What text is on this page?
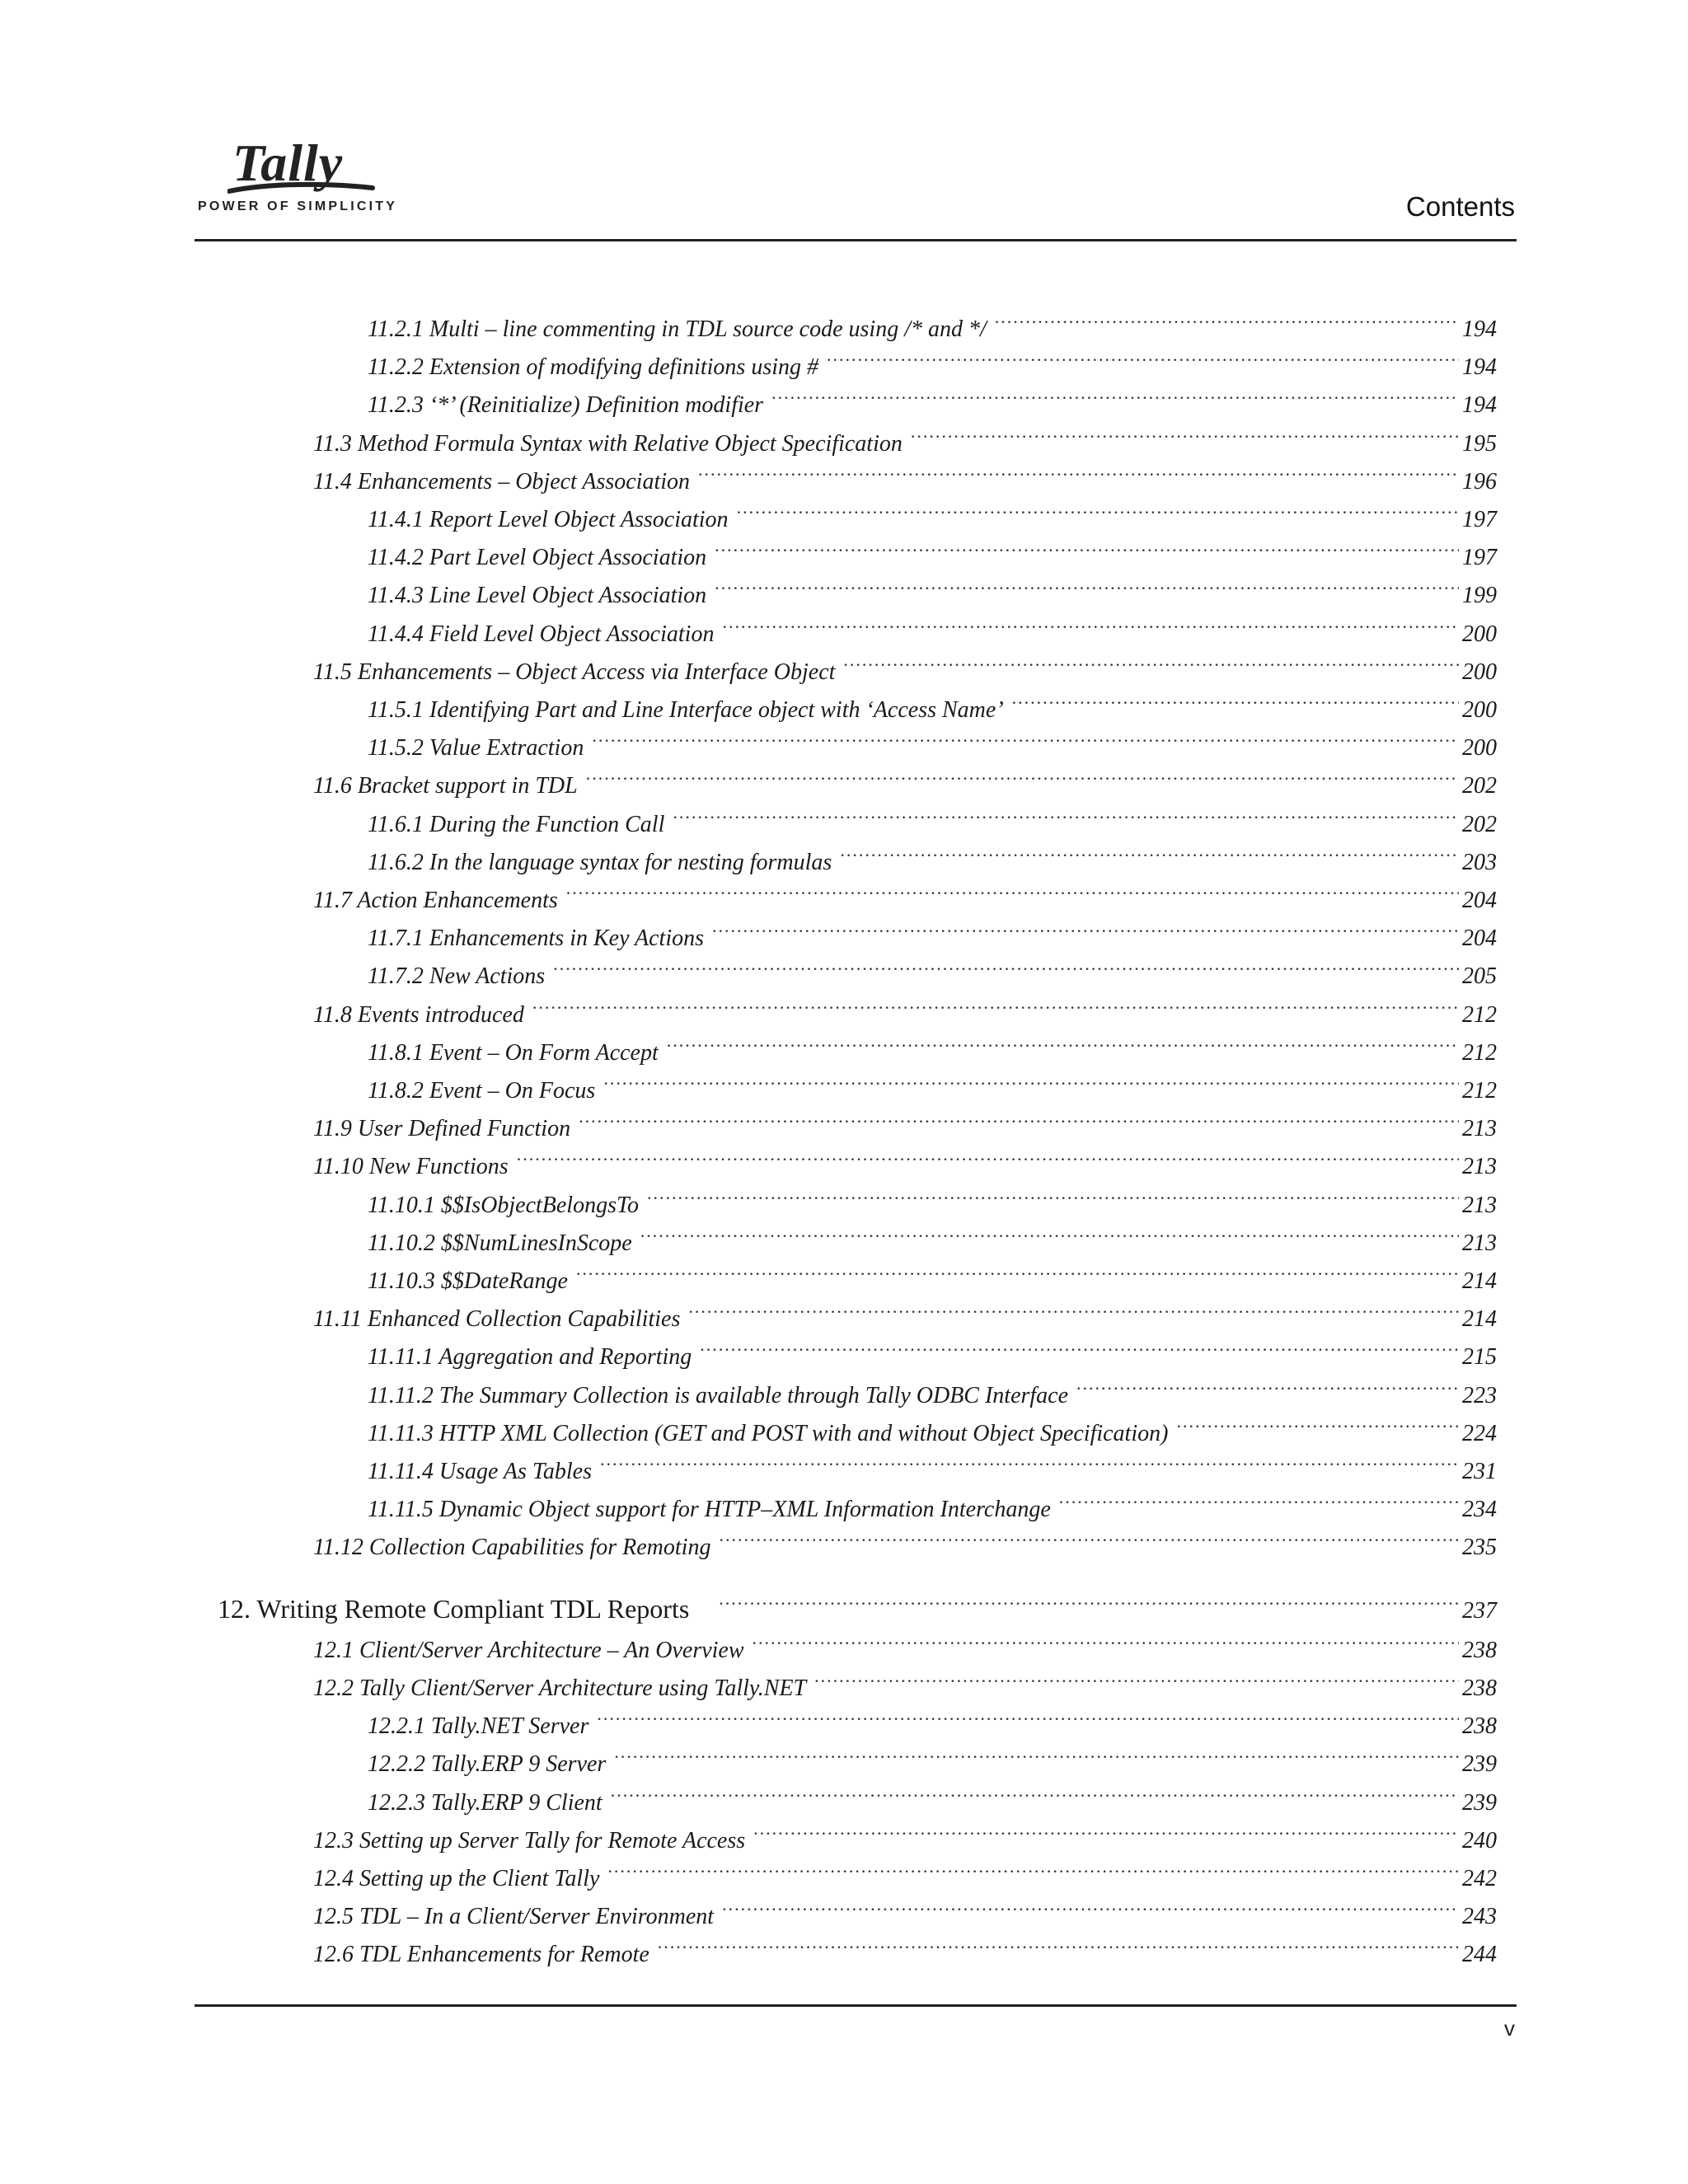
Tally
POWER OF SIMPLICITY	Contents
11.2.1 Multi – line commenting in TDL source code using /* and */ .....	194
11.2.2 Extension of modifying definitions using # .....	194
11.2.3 ‘*’ (Reinitialize) Definition modifier .....	194
11.3 Method Formula Syntax with Relative Object Specification .....	195
11.4 Enhancements – Object Association .....	196
11.4.1 Report Level Object Association .....	197
11.4.2 Part Level Object Association .....	197
11.4.3 Line Level Object Association .....	199
11.4.4 Field Level Object Association .....	200
11.5 Enhancements – Object Access via Interface Object .....	200
11.5.1 Identifying Part and Line Interface object with ‘Access Name’ .....	200
11.5.2 Value Extraction .....	200
11.6 Bracket support in TDL .....	202
11.6.1 During the Function Call .....	202
11.6.2 In the language syntax for nesting formulas .....	203
11.7 Action Enhancements .....	204
11.7.1 Enhancements in Key Actions .....	204
11.7.2 New Actions .....	205
11.8 Events introduced .....	212
11.8.1 Event – On Form Accept .....	212
11.8.2 Event – On Focus .....	212
11.9 User Defined Function .....	213
11.10 New Functions .....	213
11.10.1 $$IsObjectBelongsTo .....	213
11.10.2 $$NumLinesInScope .....	213
11.10.3 $$DateRange .....	214
11.11 Enhanced Collection Capabilities .....	214
11.11.1 Aggregation and Reporting .....	215
11.11.2 The Summary Collection is available through Tally ODBC Interface .....	223
11.11.3 HTTP XML Collection (GET and POST with and without Object Specification) .....	224
11.11.4 Usage As Tables .....	231
11.11.5 Dynamic Object support for HTTP–XML Information Interchange .....	234
11.12 Collection Capabilities for Remoting .....	235
12. Writing Remote Compliant TDL Reports .....	237
12.1 Client/Server Architecture – An Overview .....	238
12.2 Tally Client/Server Architecture using Tally.NET .....	238
12.2.1 Tally.NET Server .....	238
12.2.2 Tally.ERP 9 Server .....	239
12.2.3 Tally.ERP 9 Client .....	239
12.3 Setting up Server Tally for Remote Access .....	240
12.4 Setting up the Client Tally .....	242
12.5 TDL – In a Client/Server Environment .....	243
12.6 TDL Enhancements for Remote .....	244
v
